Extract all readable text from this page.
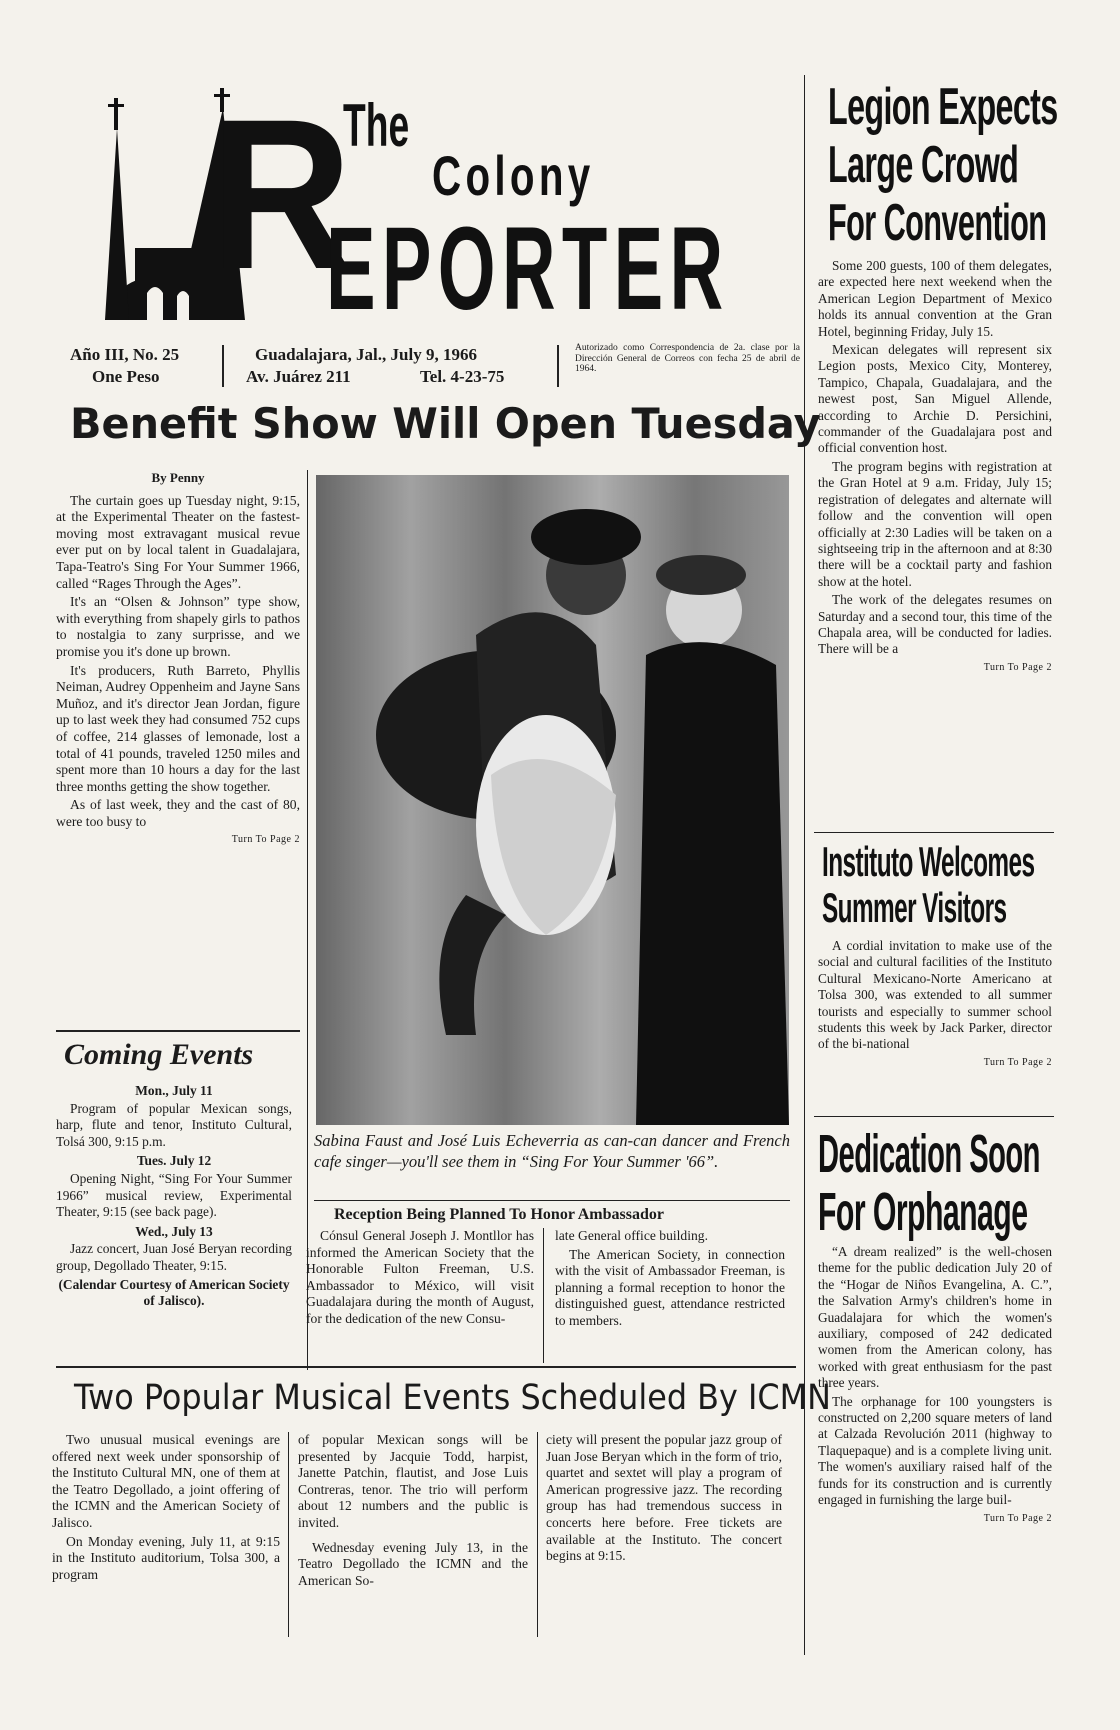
R
The
Colony
EPORTER
Año III, No. 25
One Peso
Guadalajara, Jal., July 9, 1966
Av. Juárez 211	Tel. 4-23-75
Autorizado como Correspondencia de 2a. clase por la Dirección General de Correos con fecha 25 de abril de 1964.
Benefit Show Will Open Tuesday
By Penny

The curtain goes up Tuesday night, 9:15, at the Experimental Theater on the fastest-moving most extravagant musical revue ever put on by local talent in Guadalajara, Tapa-Teatro's Sing For Your Summer 1966, called “Rages Through the Ages”.

It's an “Olsen & Johnson” type show, with everything from shapely girls to pathos to nostalgia to zany surprisse, and we promise you it's done up brown.

It's producers, Ruth Barreto, Phyllis Neiman, Audrey Oppenheim and Jayne Sans Muñoz, and it's director Jean Jordan, figure up to last week they had consumed 752 cups of coffee, 214 glasses of lemonade, lost a total of 41 pounds, traveled 1250 miles and spent more than 10 hours a day for the last three months getting the show together.

As of last week, they and the cast of 80, were too busy to

Turn To Page 2
Sabina Faust and José Luis Echeverria as can-can dancer and French cafe singer—you'll see them in “Sing For Your Summer '66”.
Coming Events
Mon., July 11

Program of popular Mexican songs, harp, flute and tenor, Instituto Cultural, Tolsá 300, 9:15 p.m.

Tues. July 12

Opening Night, “Sing For Your Summer 1966” musical review, Experimental Theater, 9:15 (see back page).

Wed., July 13

Jazz concert, Juan José Beryan recording group, Degollado Theater, 9:15.

(Calendar Courtesy of American Society of Jalisco).
Reception Being Planned To Honor Ambassador

Cónsul General Joseph J. Montllor has informed the American Society that the Honorable Fulton Freeman, U.S. Ambassador to México, will visit Guadalajara during the month of August, for the dedication of the new Consu-

late General office building.

The American Society, in connection with the visit of Ambassador Freeman, is planning a formal reception to honor the distinguished guest, attendance restricted to members.

Two Popular Musical Events Scheduled By ICMN

Two unusual musical evenings are offered next week under sponsorship of the Instituto Cultural MN, one of them at the Teatro Degollado, a joint offering of the ICMN and the American Society of Jalisco.

On Monday evening, July 11, at 9:15 in the Instituto auditorium, Tolsa 300, a program

of popular Mexican songs will be presented by Jacquie Todd, harpist, Janette Patchin, flautist, and Jose Luis Contreras, tenor. The trio will perform about 12 numbers and the public is invited.

Wednesday evening July 13, in the Teatro Degollado the ICMN and the American So-

ciety will present the popular jazz group of Juan Jose Beryan which in the form of trio, quartet and sextet will play a program of American progressive jazz. The recording group has had tremendous success in concerts here before. Free tickets are available at the Instituto. The concert begins at 9:15.

Legion Expects
Large Crowd
For Convention

Some 200 guests, 100 of them delegates, are expected here next weekend when the American Legion Department of Mexico holds its annual convention at the Gran Hotel, beginning Friday, July 15.

Mexican delegates will represent six Legion posts, Mexico City, Monterey, Tampico, Chapala, Guadalajara, and the newest post, San Miguel Allende, according to Archie D. Persichini, commander of the Guadalajara post and official convention host.

The program begins with registration at the Gran Hotel at 9 a.m. Friday, July 15; registration of delegates and alternate will follow and the convention will open officially at 2:30 Ladies will be taken on a sightseeing trip in the afternoon and at 8:30 there will be a cocktail party and fashion show at the hotel.

The work of the delegates resumes on Saturday and a second tour, this time of the Chapala area, will be conducted for ladies. There will be a

Turn To Page 2
Instituto Welcomes
Summer Visitors

A cordial invitation to make use of the social and cultural facilities of the Instituto Cultural Mexicano-Norte Americano at Tolsa 300, was extended to all summer tourists and especially to summer school students this week by Jack Parker, director of the bi-national

Turn To Page 2
Dedication Soon
For Orphanage

“A dream realized” is the well-chosen theme for the public dedication July 20 of the “Hogar de Niños Evangelina, A. C.”, the Salvation Army's children's home in Guadalajara for which the women's auxiliary, composed of 242 dedicated women from the American colony, has worked with great enthusiasm for the past three years.

The orphanage for 100 youngsters is constructed on 2,200 square meters of land at Calzada Revolución 2011 (highway to Tlaquepaque) and is a complete living unit. The women's auxiliary raised half of the funds for its construction and is currently engaged in furnishing the large buil-

Turn To Page 2
